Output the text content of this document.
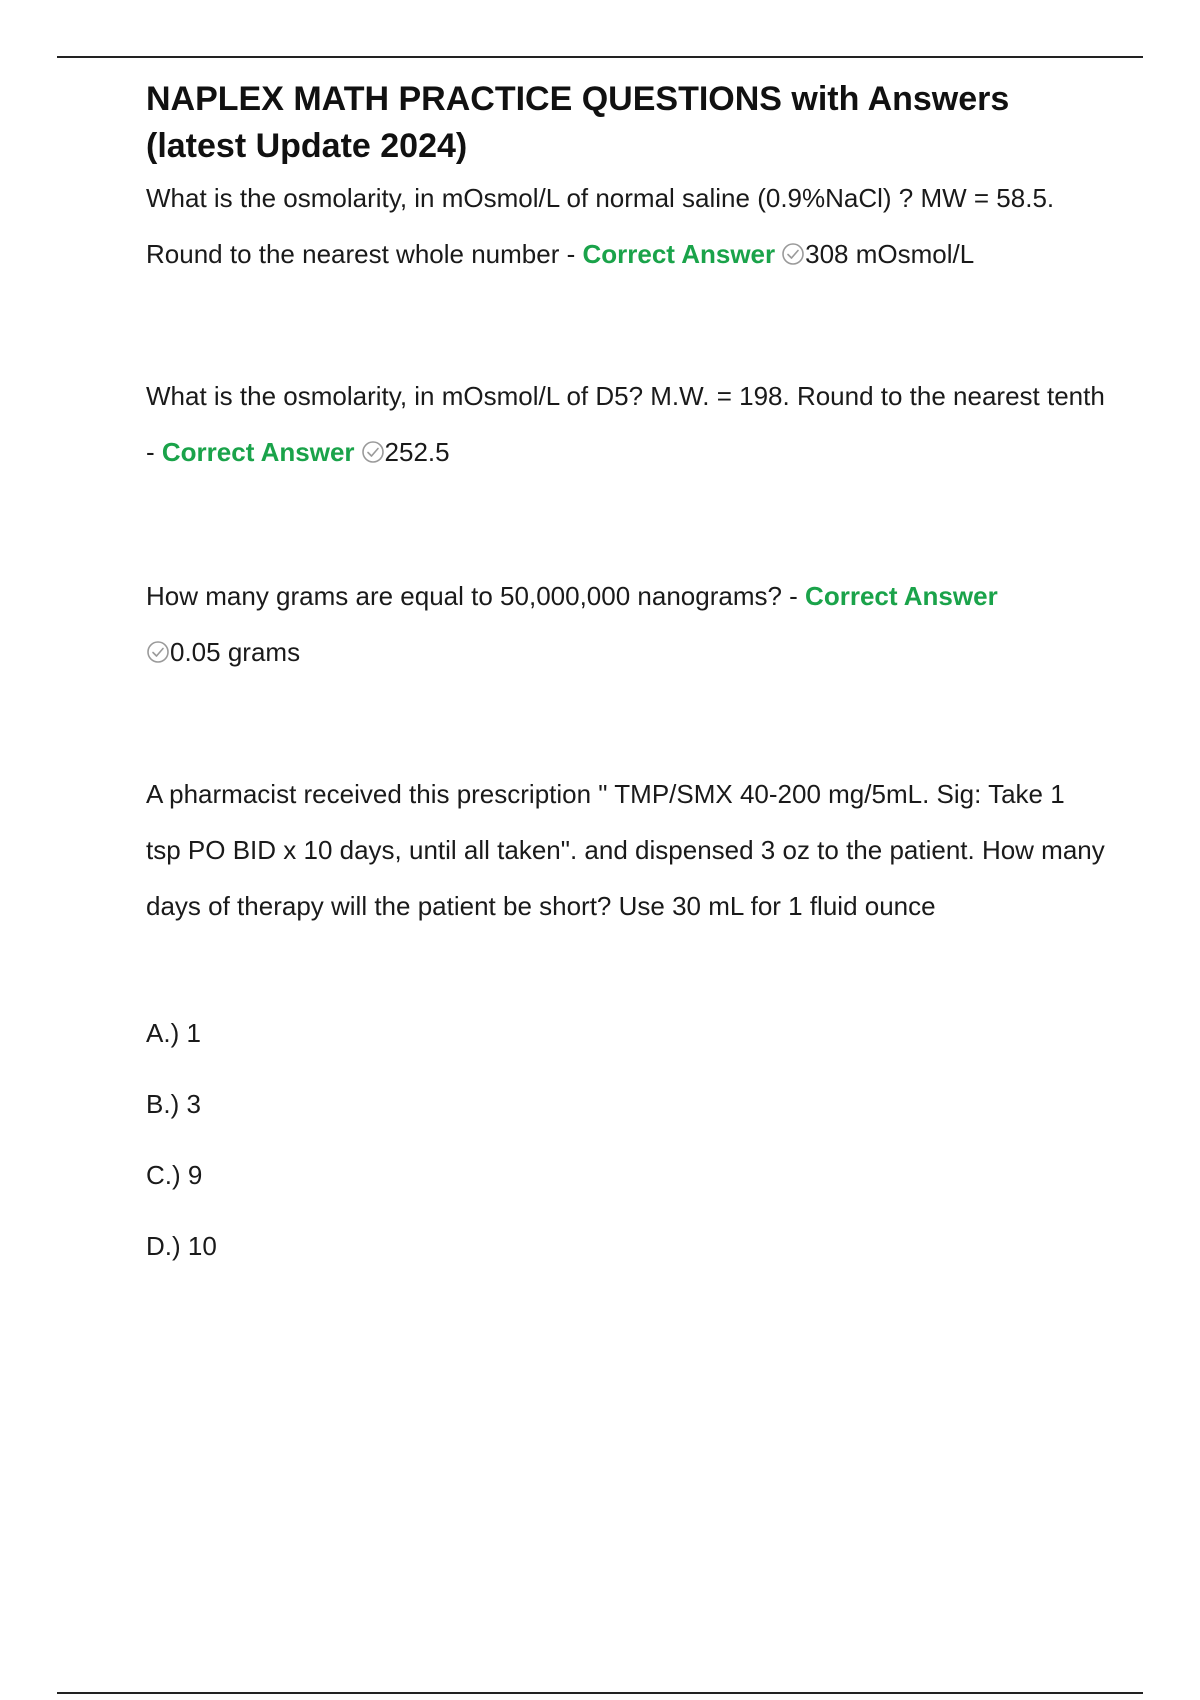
NAPLEX MATH PRACTICE QUESTIONS with Answers (latest Update 2024)

What is the osmolarity, in mOsmol/L of normal saline (0.9%NaCl) ? MW = 58.5. Round to the nearest whole number - Correct Answer 308 mOsmol/L

What is the osmolarity, in mOsmol/L of D5? M.W. = 198. Round to the nearest tenth - Correct Answer 252.5

How many grams are equal to 50,000,000 nanograms? - Correct Answer
0.05 grams

A pharmacist received this prescription " TMP/SMX 40-200 mg/5mL. Sig: Take 1 tsp PO BID x 10 days, until all taken". and dispensed 3 oz to the patient. How many days of therapy will the patient be short? Use 30 mL for 1 fluid ounce

A.) 1

B.) 3

C.) 9

D.) 10
